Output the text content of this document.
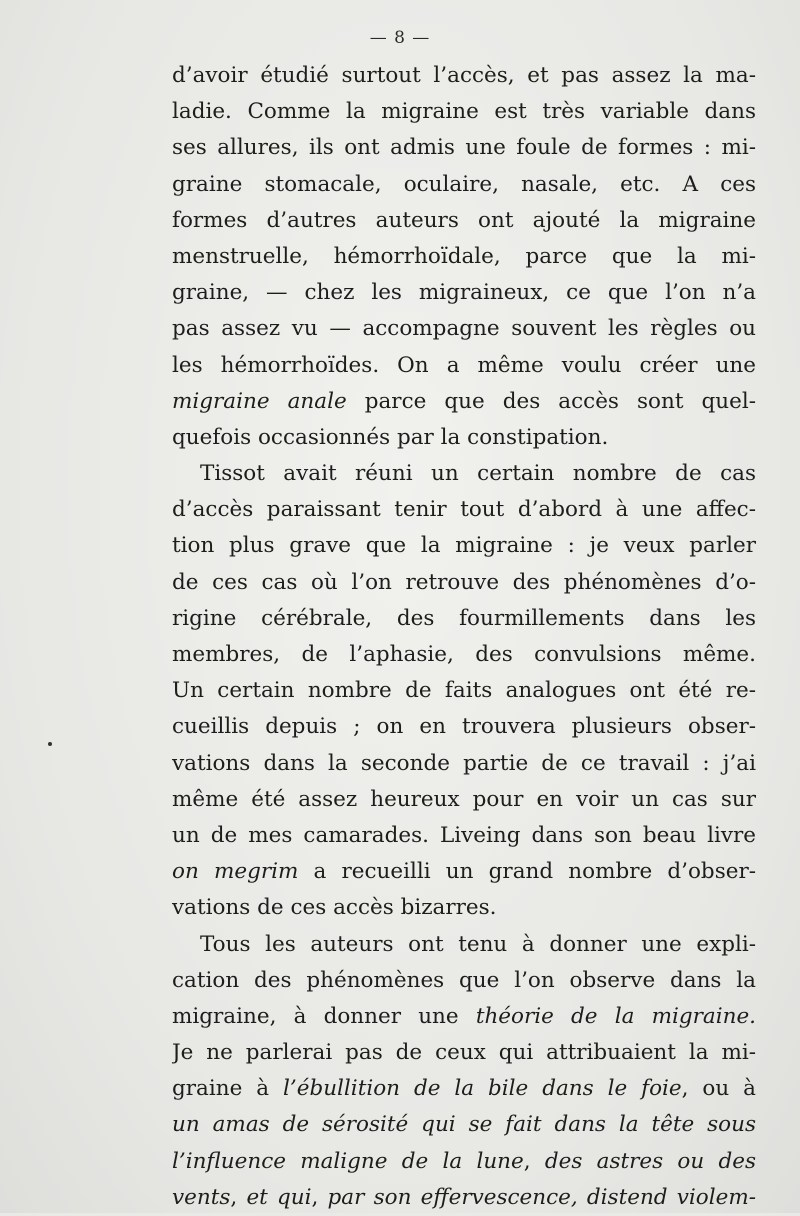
— 8 —
d’avoir étudié surtout l’accès, et pas assez la ma-
ladie. Comme la migraine est très variable dans
ses allures, ils ont admis une foule de formes : mi-
graine stomacale, oculaire, nasale, etc. A ces
formes d’autres auteurs ont ajouté la migraine
menstruelle, hémorrhoïdale, parce que la mi-
graine, — chez les migraineux, ce que l’on n’a
pas assez vu — accompagne souvent les règles ou
les hémorrhoïdes. On a même voulu créer une
migraine anale parce que des accès sont quel-
quefois occasionnés par la constipation.
Tissot avait réuni un certain nombre de cas
d’accès paraissant tenir tout d’abord à une affec-
tion plus grave que la migraine : je veux parler
de ces cas où l’on retrouve des phénomènes d’o-
rigine cérébrale, des fourmillements dans les
membres, de l’aphasie, des convulsions même.
Un certain nombre de faits analogues ont été re-
cueillis depuis ; on en trouvera plusieurs obser-
vations dans la seconde partie de ce travail : j’ai
même été assez heureux pour en voir un cas sur
un de mes camarades. Liveing dans son beau livre
on megrim a recueilli un grand nombre d’obser-
vations de ces accès bizarres.
Tous les auteurs ont tenu à donner une expli-
cation des phénomènes que l’on observe dans la
migraine, à donner une théorie de la migraine.
Je ne parlerai pas de ceux qui attribuaient la mi-
graine à l’ébullition de la bile dans le foie, ou à
un amas de sérosité qui se fait dans la tête sous
l’influence maligne de la lune, des astres ou des
vents, et qui, par son effervescence, distend violem-
